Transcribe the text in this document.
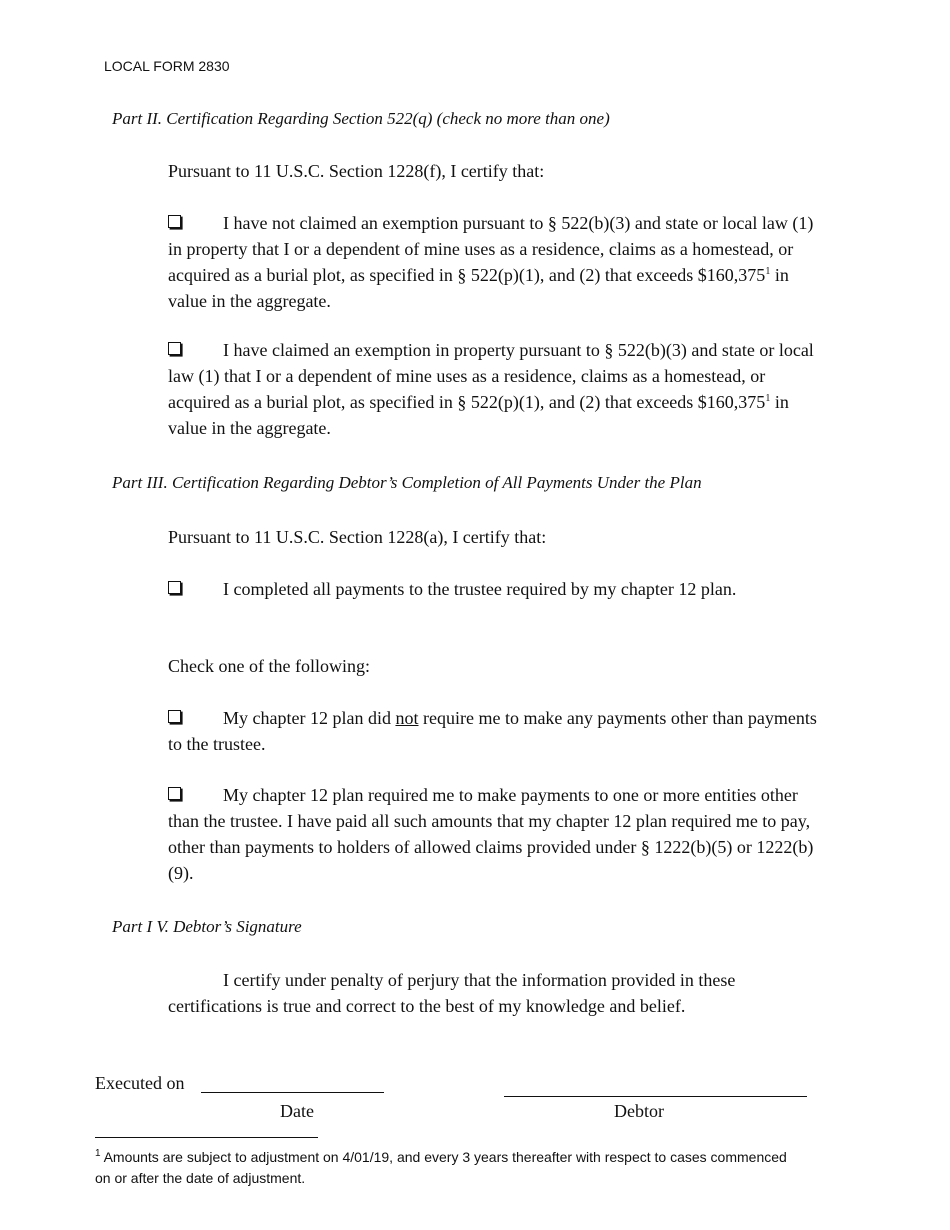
LOCAL FORM 2830
Part II. Certification Regarding Section 522(q) (check no more than one)
Pursuant to 11 U.S.C. Section 1228(f), I certify that:
I have not claimed an exemption pursuant to § 522(b)(3) and state or local law (1) in property that I or a dependent of mine uses as a residence, claims as a homestead, or acquired as a burial plot, as specified in § 522(p)(1), and (2) that exceeds $160,375$^1$ in value in the aggregate.
I have claimed an exemption in property pursuant to § 522(b)(3) and state or local law (1) that I or a dependent of mine uses as a residence, claims as a homestead, or acquired as a burial plot, as specified in § 522(p)(1), and (2) that exceeds $160,375$^1$ in value in the aggregate.
Part III. Certification Regarding Debtor’s Completion of All Payments Under the Plan
Pursuant to 11 U.S.C. Section 1228(a), I certify that:
I completed all payments to the trustee required by my chapter 12 plan.
Check one of the following:
My chapter 12 plan did not require me to make any payments other than payments to the trustee.
My chapter 12 plan required me to make payments to one or more entities other than the trustee. I have paid all such amounts that my chapter 12 plan required me to pay, other than payments to holders of allowed claims provided under § 1222(b)(5) or 1222(b)(9).
Part I V. Debtor’s Signature
I certify under penalty of perjury that the information provided in these certifications is true and correct to the best of my knowledge and belief.
Executed on
Date	Debtor
$^1$ Amounts are subject to adjustment on 4/01/19, and every 3 years thereafter with respect to cases commenced on or after the date of adjustment.
